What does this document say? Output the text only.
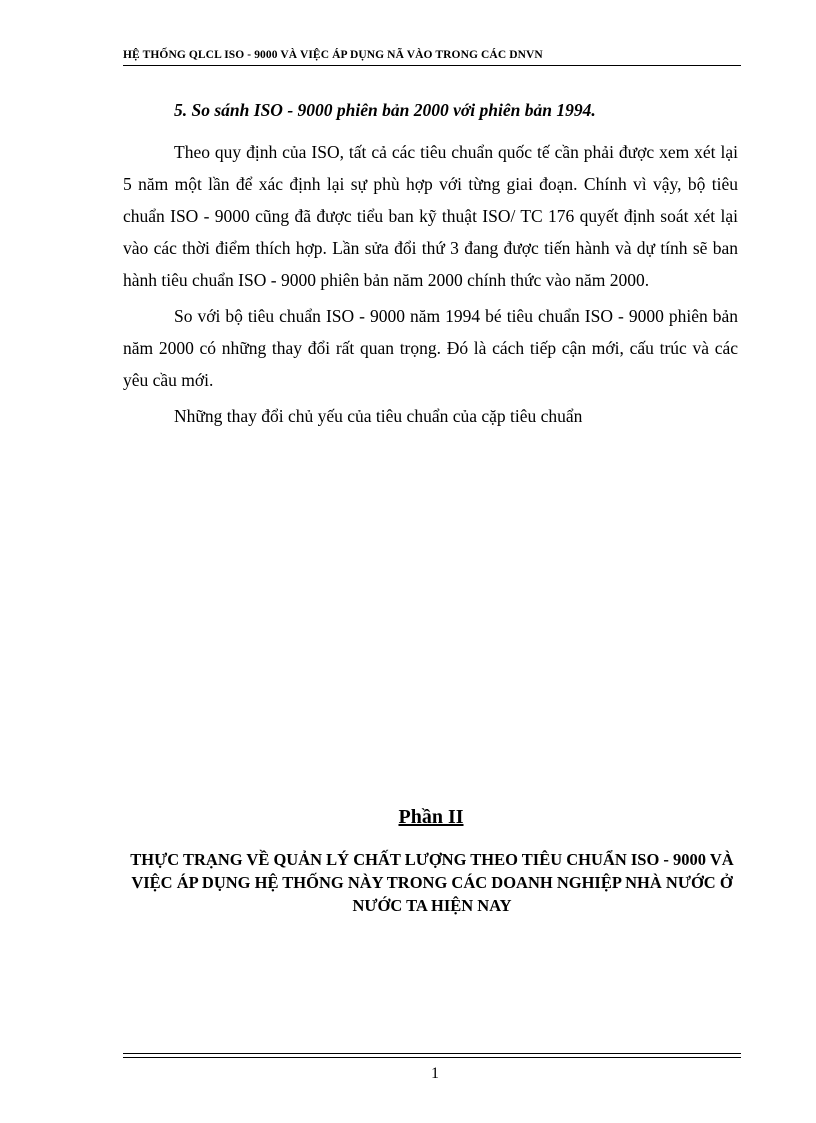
HỆ THỐNG QLCL ISO - 9000 VÀ VIỆC ÁP DỤNG NÃ VÀO TRONG CÁC DNVN
5. So sánh ISO - 9000 phiên bản 2000 với phiên bản 1994.

Theo quy định của ISO, tất cả các tiêu chuẩn quốc tế cần phải được xem xét lại 5 năm một lần để xác định lại sự phù hợp với từng giai đoạn. Chính vì vậy, bộ tiêu chuẩn ISO - 9000 cũng đã được tiểu ban kỹ thuật ISO/ TC 176 quyết định soát xét lại vào các thời điểm thích hợp. Lần sửa đổi thứ 3 đang được tiến hành và dự tính sẽ ban hành tiêu chuẩn ISO - 9000 phiên bản năm 2000 chính thức vào năm 2000.

So với bộ tiêu chuẩn ISO - 9000 năm 1994 bé tiêu chuẩn ISO - 9000 phiên bản năm 2000 có những thay đổi rất quan trọng. Đó là cách tiếp cận mới, cấu trúc và các yêu cầu mới.

Những thay đổi chủ yếu của tiêu chuẩn của cặp tiêu chuẩn

Phần II
THỰC TRẠNG VỀ QUẢN LÝ CHẤT LƯỢNG THEO TIÊU CHUẨN ISO - 9000 VÀ VIỆC ÁP DỤNG HỆ THỐNG NÀY TRONG CÁC DOANH NGHIỆP NHÀ NƯỚC Ở NƯỚC TA HIỆN NAY
1
